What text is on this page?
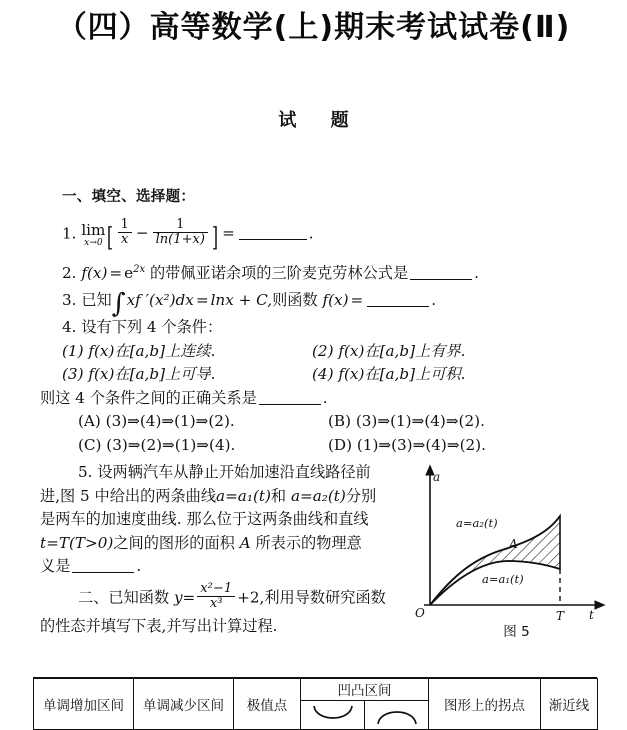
（四）高等数学(上)期末考试试卷(Ⅱ)
试 题
一、填空、选择题：
1. lim
x→0 [ $\frac{1}{x} - \frac{1}{\ln(1+x)}$ ] =	.
2. $f(x) = e^{2x}$ 的带佩亚诺余项的三阶麦克劳林公式是	.
3. 已知∫xf ′(x²)dx = lnx + C,则函数 f(x) =	.
4. 设有下列 4 个条件：
(1) f(x)在[a,b]上连续.	(2) f(x)在[a,b]上有界.
(3) f(x)在[a,b]上可导.	(4) f(x)在[a,b]上可积.
则这 4 个条件之间的正确关系是	.
(A) (3)⇒(4)⇒(1)⇒(2).	(B) (3)⇒(1)⇒(4)⇒(2).
(C) (3)⇒(2)⇒(1)⇒(4).	(D) (1)⇒(3)⇒(4)⇒(2).
5. 设两辆汽车从静止开始加速沿直线路径前
进,图 5 中给出的两条曲线a=a₁(t)和 a=a₂(t)分别
是两车的加速度曲线. 那么位于这两条曲线和直线
t=T(T>0)之间的图形的面积 A 所表示的物理意
义是	.
二、已知函数 $y= \frac{\text{x²−1}}{\text{x³}} +2$,利用导数研究函数
的性态并填写下表,并写出计算过程.
a=a₂(t)
a=a₁(t)
A
T t
a
O
图 5
单调增加区间	单调减少区间	极值点	凹凸区间		图形上的拐点	渐近线
